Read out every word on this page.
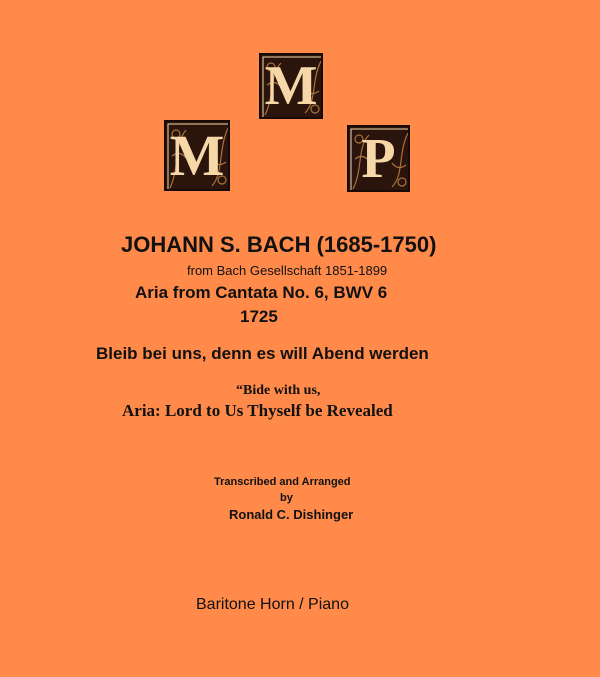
M
M P
JOHANN S. BACH (1685-1750)
from Bach Gesellschaft 1851-1899
Aria from Cantata No. 6, BWV 6
1725
Bleib bei uns, denn es will Abend werden
“Bide with us,
Aria: Lord to Us Thyself be Revealed
Transcribed and Arranged
by
Ronald C. Dishinger
Baritone Horn / Piano
